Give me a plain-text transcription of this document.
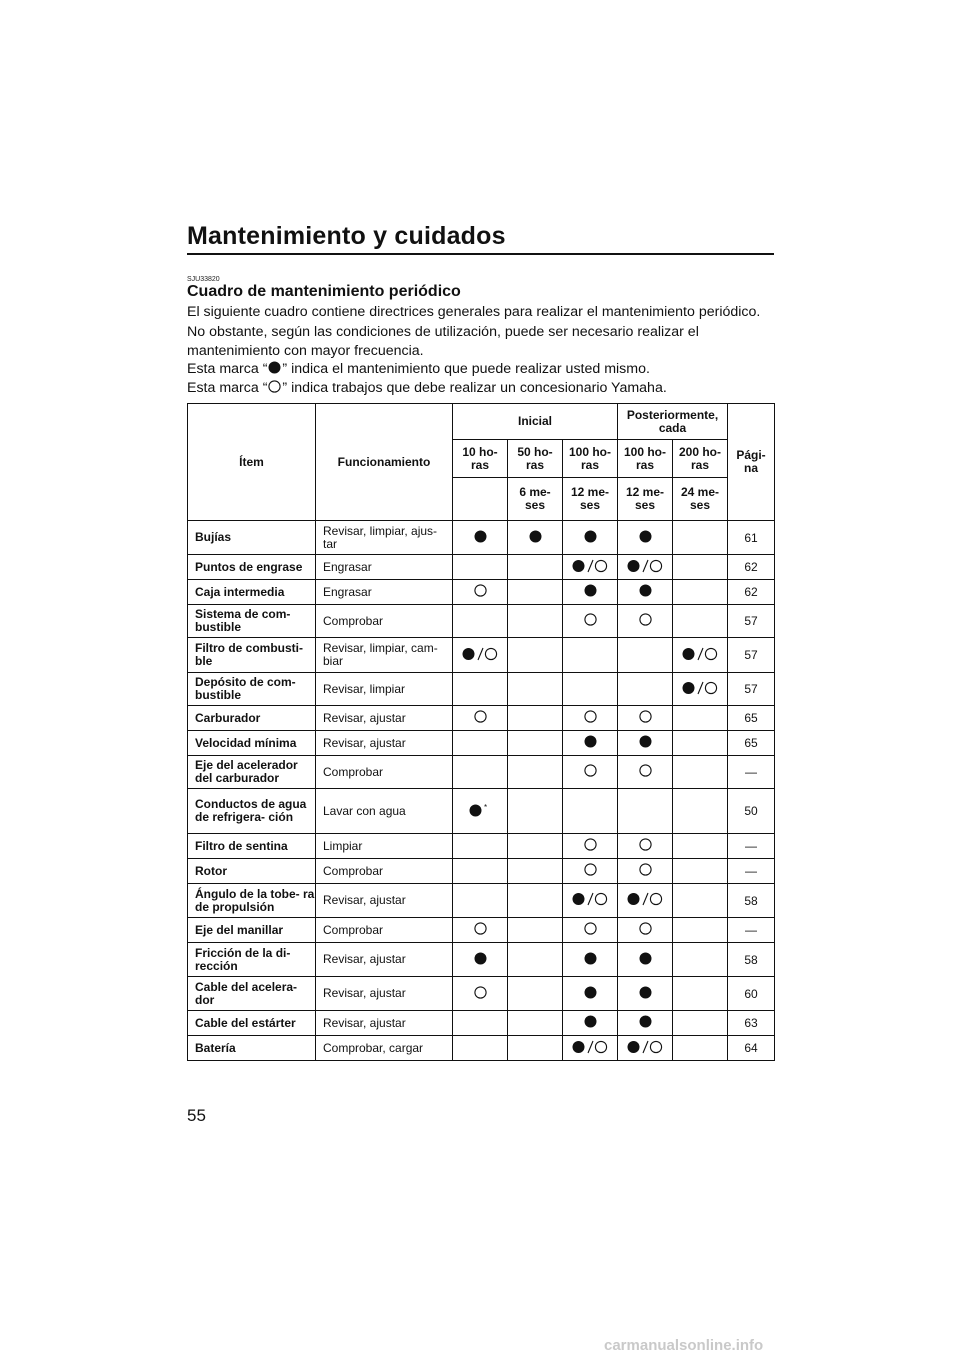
Mantenimiento y cuidados
SJU33820
Cuadro de mantenimiento periódico

El siguiente cuadro contiene directrices generales para realizar el mantenimiento periódico. No obstante, según las condiciones de utilización, puede ser necesario realizar el mantenimiento con mayor frecuencia.

Esta marca “ ” indica el mantenimiento que puede realizar usted mismo.
Esta marca “ ” indica trabajos que debe realizar un concesionario Yamaha.
Ítem	Funcionamiento	Inicial			Posteriormente, cada		Pági- na
		10 ho- ras	50 ho- ras	100 ho- ras	100 ho- ras	200 ho- ras	
			6 me- ses	12 me- ses	12 me- ses	24 me- ses	
Bujías	Revisar, limpiar, ajus- tar						61
Puntos de engrase	Engrasar						62
Caja intermedia	Engrasar						62
Sistema de com- bustible	Comprobar						57
Filtro de combusti- ble	Revisar, limpiar, cam- biar						57
Depósito de com- bustible	Revisar, limpiar						57
Carburador	Revisar, ajustar						65
Velocidad mínima	Revisar, ajustar						65
Eje del acelerador del carburador	Comprobar						—
Conductos de agua de refrigera- ción	Lavar con agua	*					50
Filtro de sentina	Limpiar						—
Rotor	Comprobar						—
Ángulo de la tobe- ra de propulsión	Revisar, ajustar						58
Eje del manillar	Comprobar						—
Fricción de la di- rección	Revisar, ajustar						58
Cable del acelera- dor	Revisar, ajustar						60
Cable del estárter	Revisar, ajustar						63
Batería	Comprobar, cargar						64
55
carmanualsonline.info
